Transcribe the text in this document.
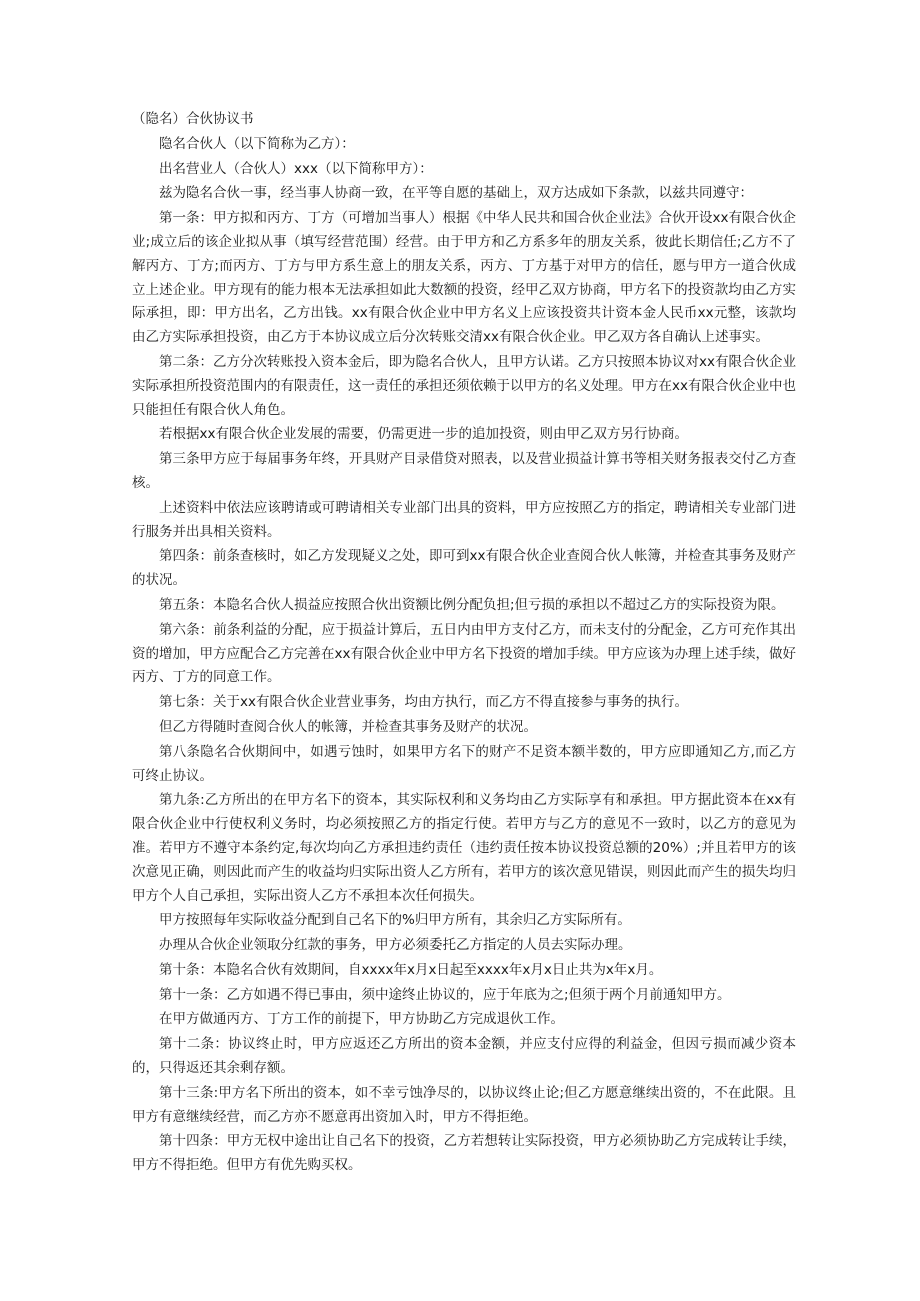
（隐名）合伙协议书

隐名合伙人（以下简称为乙方）：

出名营业人（合伙人）xxx（以下简称甲方）：

兹为隐名合伙一事，经当事人协商一致，在平等自愿的基础上，双方达成如下条款，以兹共同遵守：

第一条：甲方拟和丙方、丁方（可增加当事人）根据《中华人民共和国合伙企业法》合伙开设xx有限合伙企业;成立后的该企业拟从事（填写经营范围）经营。由于甲方和乙方系多年的朋友关系，彼此长期信任;乙方不了解丙方、丁方;而丙方、丁方与甲方系生意上的朋友关系，丙方、丁方基于对甲方的信任，愿与甲方一道合伙成立上述企业。甲方现有的能力根本无法承担如此大数额的投资，经甲乙双方协商，甲方名下的投资款均由乙方实际承担，即：甲方出名，乙方出钱。xx有限合伙企业中甲方名义上应该投资共计资本金人民币xx元整，该款均由乙方实际承担投资，由乙方于本协议成立后分次转账交清xx有限合伙企业。甲乙双方各自确认上述事实。

第二条：乙方分次转账投入资本金后，即为隐名合伙人，且甲方认诺。乙方只按照本协议对xx有限合伙企业实际承担所投资范围内的有限责任，这一责任的承担还须依赖于以甲方的名义处理。甲方在xx有限合伙企业中也只能担任有限合伙人角色。

若根据xx有限合伙企业发展的需要，仍需更进一步的追加投资，则由甲乙双方另行协商。

第三条甲方应于每届事务年终，开具财产目录借贷对照表，以及营业损益计算书等相关财务报表交付乙方查核。

上述资料中依法应该聘请或可聘请相关专业部门出具的资料，甲方应按照乙方的指定，聘请相关专业部门进行服务并出具相关资料。

第四条：前条查核时，如乙方发现疑义之处，即可到xx有限合伙企业查阅合伙人帐簿，并检查其事务及财产的状况。

第五条：本隐名合伙人损益应按照合伙出资额比例分配负担;但亏损的承担以不超过乙方的实际投资为限。

第六条：前条利益的分配，应于损益计算后，五日内由甲方支付乙方，而未支付的分配金，乙方可充作其出资的增加，甲方应配合乙方完善在xx有限合伙企业中甲方名下投资的增加手续。甲方应该为办理上述手续，做好丙方、丁方的同意工作。

第七条：关于xx有限合伙企业营业事务，均由方执行，而乙方不得直接参与事务的执行。

但乙方得随时查阅合伙人的帐簿，并检查其事务及财产的状况。

第八条隐名合伙期间中，如遇亏蚀时，如果甲方名下的财产不足资本额半数的，甲方应即通知乙方,而乙方可终止协议。

第九条:乙方所出的在甲方名下的资本，其实际权利和义务均由乙方实际享有和承担。甲方据此资本在xx有限合伙企业中行使权利义务时，均必须按照乙方的指定行使。若甲方与乙方的意见不一致时，以乙方的意见为准。若甲方不遵守本条约定,每次均向乙方承担违约责任（违约责任按本协议投资总额的20%）;并且若甲方的该次意见正确，则因此而产生的收益均归实际出资人乙方所有，若甲方的该次意见错误，则因此而产生的损失均归甲方个人自己承担，实际出资人乙方不承担本次任何损失。

甲方按照每年实际收益分配到自己名下的%归甲方所有，其余归乙方实际所有。

办理从合伙企业领取分红款的事务，甲方必须委托乙方指定的人员去实际办理。

第十条：本隐名合伙有效期间，自xxxx年x月x日起至xxxx年x月x日止共为x年x月。

第十一条：乙方如遇不得已事由，须中途终止协议的，应于年底为之;但须于两个月前通知甲方。

在甲方做通丙方、丁方工作的前提下，甲方协助乙方完成退伙工作。

第十二条：协议终止时，甲方应返还乙方所出的资本金额，并应支付应得的利益金，但因亏损而减少资本的，只得返还其余剩存额。

第十三条:甲方名下所出的资本，如不幸亏蚀净尽的，以协议终止论;但乙方愿意继续出资的，不在此限。且甲方有意继续经营，而乙方亦不愿意再出资加入时，甲方不得拒绝。

第十四条：甲方无权中途出让自己名下的投资，乙方若想转让实际投资，甲方必须协助乙方完成转让手续，甲方不得拒绝。但甲方有优先购买权。
